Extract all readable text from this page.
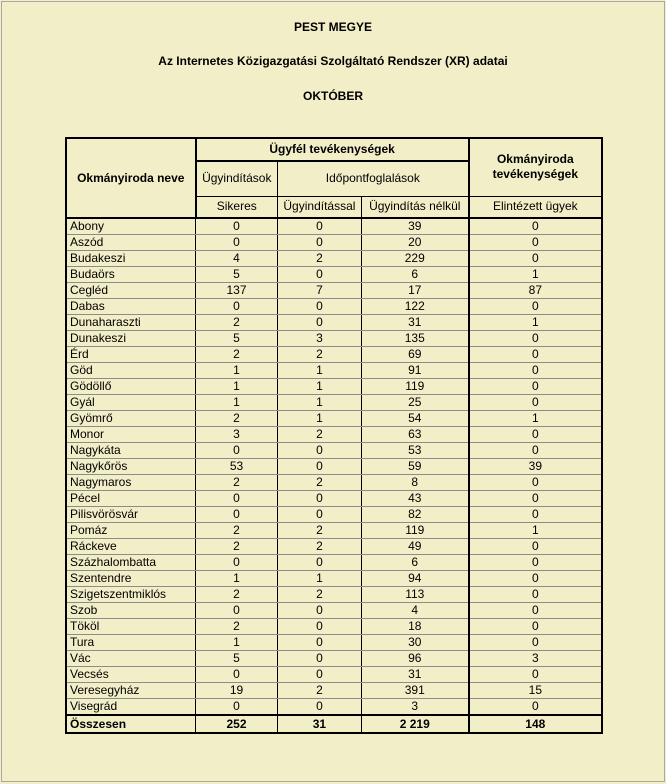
PEST MEGYE
Az Internetes Közigazgatási Szolgáltató Rendszer (XR) adatai
OKTÓBER
Okmányiroda neve	Ügyfél tevékenységek			Okmányiroda tevékenységek
	Ügyindítások	Időpontfoglalások		
	Sikeres	Ügyindítással	Ügyindítás nélkül	Elintézett ügyek
Abony	0	0	39	0
Aszód	0	0	20	0
Budakeszi	4	2	229	0
Budaörs	5	0	6	1
Cegléd	137	7	17	87
Dabas	0	0	122	0
Dunaharaszti	2	0	31	1
Dunakeszi	5	3	135	0
Érd	2	2	69	0
Göd	1	1	91	0
Gödöllő	1	1	119	0
Gyál	1	1	25	0
Gyömrő	2	1	54	1
Monor	3	2	63	0
Nagykáta	0	0	53	0
Nagykőrös	53	0	59	39
Nagymaros	2	2	8	0
Pécel	0	0	43	0
Pilisvörösvár	0	0	82	0
Pomáz	2	2	119	1
Ráckeve	2	2	49	0
Százhalombatta	0	0	6	0
Szentendre	1	1	94	0
Szigetszentmiklós	2	2	113	0
Szob	0	0	4	0
Tököl	2	0	18	0
Tura	1	0	30	0
Vác	5	0	96	3
Vecsés	0	0	31	0
Veresegyház	19	2	391	15
Visegrád	0	0	3	0
Összesen	252	31	2 219	148
